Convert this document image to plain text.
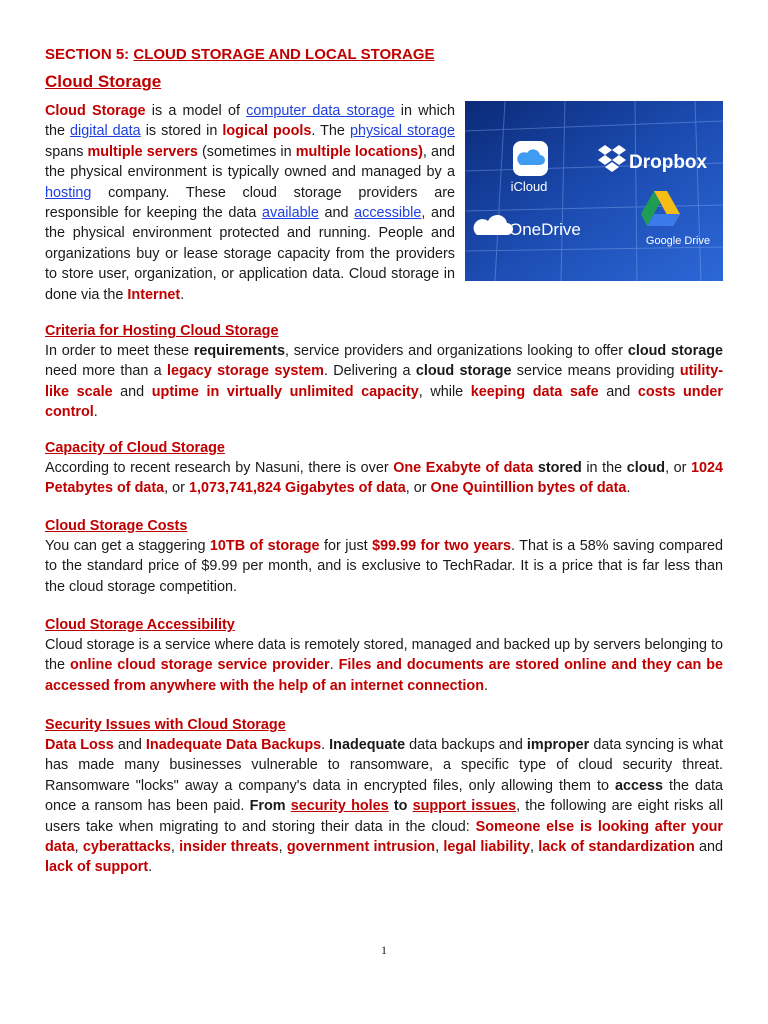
SECTION 5: CLOUD STORAGE AND LOCAL STORAGE
Cloud Storage
iCloud
Dropbox
OneDrive
Google Drive

Cloud Storage is a model of computer data storage in which the digital data is stored in logical pools. The physical storage spans multiple servers (sometimes in multiple locations), and the physical environment is typically owned and managed by a hosting company. These cloud storage providers are responsible for keeping the data available and accessible, and the physical environment protected and running. People and organizations buy or lease storage capacity from the providers to store user, organization, or application data. Cloud storage in done via the Internet.

Criteria for Hosting Cloud Storage

In order to meet these requirements, service providers and organizations looking to offer cloud storage need more than a legacy storage system. Delivering a cloud storage service means providing utility-like scale and uptime in virtually unlimited capacity, while keeping data safe and costs under control.

Capacity of Cloud Storage

According to recent research by Nasuni, there is over One Exabyte of data stored in the cloud, or 1024 Petabytes of data, or 1,073,741,824 Gigabytes of data, or One Quintillion bytes of data.

Cloud Storage Costs

You can get a staggering 10TB of storage for just $99.99 for two years. That is a 58% saving compared to the standard price of $9.99 per month, and is exclusive to TechRadar. It is a price that is far less than the cloud storage competition.

Cloud Storage Accessibility

Cloud storage is a service where data is remotely stored, managed and backed up by servers belonging to the online cloud storage service provider. Files and documents are stored online and they can be accessed from anywhere with the help of an internet connection.

Security Issues with Cloud Storage

Data Loss and Inadequate Data Backups. Inadequate data backups and improper data syncing is what has made many businesses vulnerable to ransomware, a specific type of cloud security threat. Ransomware "locks" away a company's data in encrypted files, only allowing them to access the data once a ransom has been paid. From security holes to support issues, the following are eight risks all users take when migrating to and storing their data in the cloud: Someone else is looking after your data, cyberattacks, insider threats, government intrusion, legal liability, lack of standardization and lack of support.

1
